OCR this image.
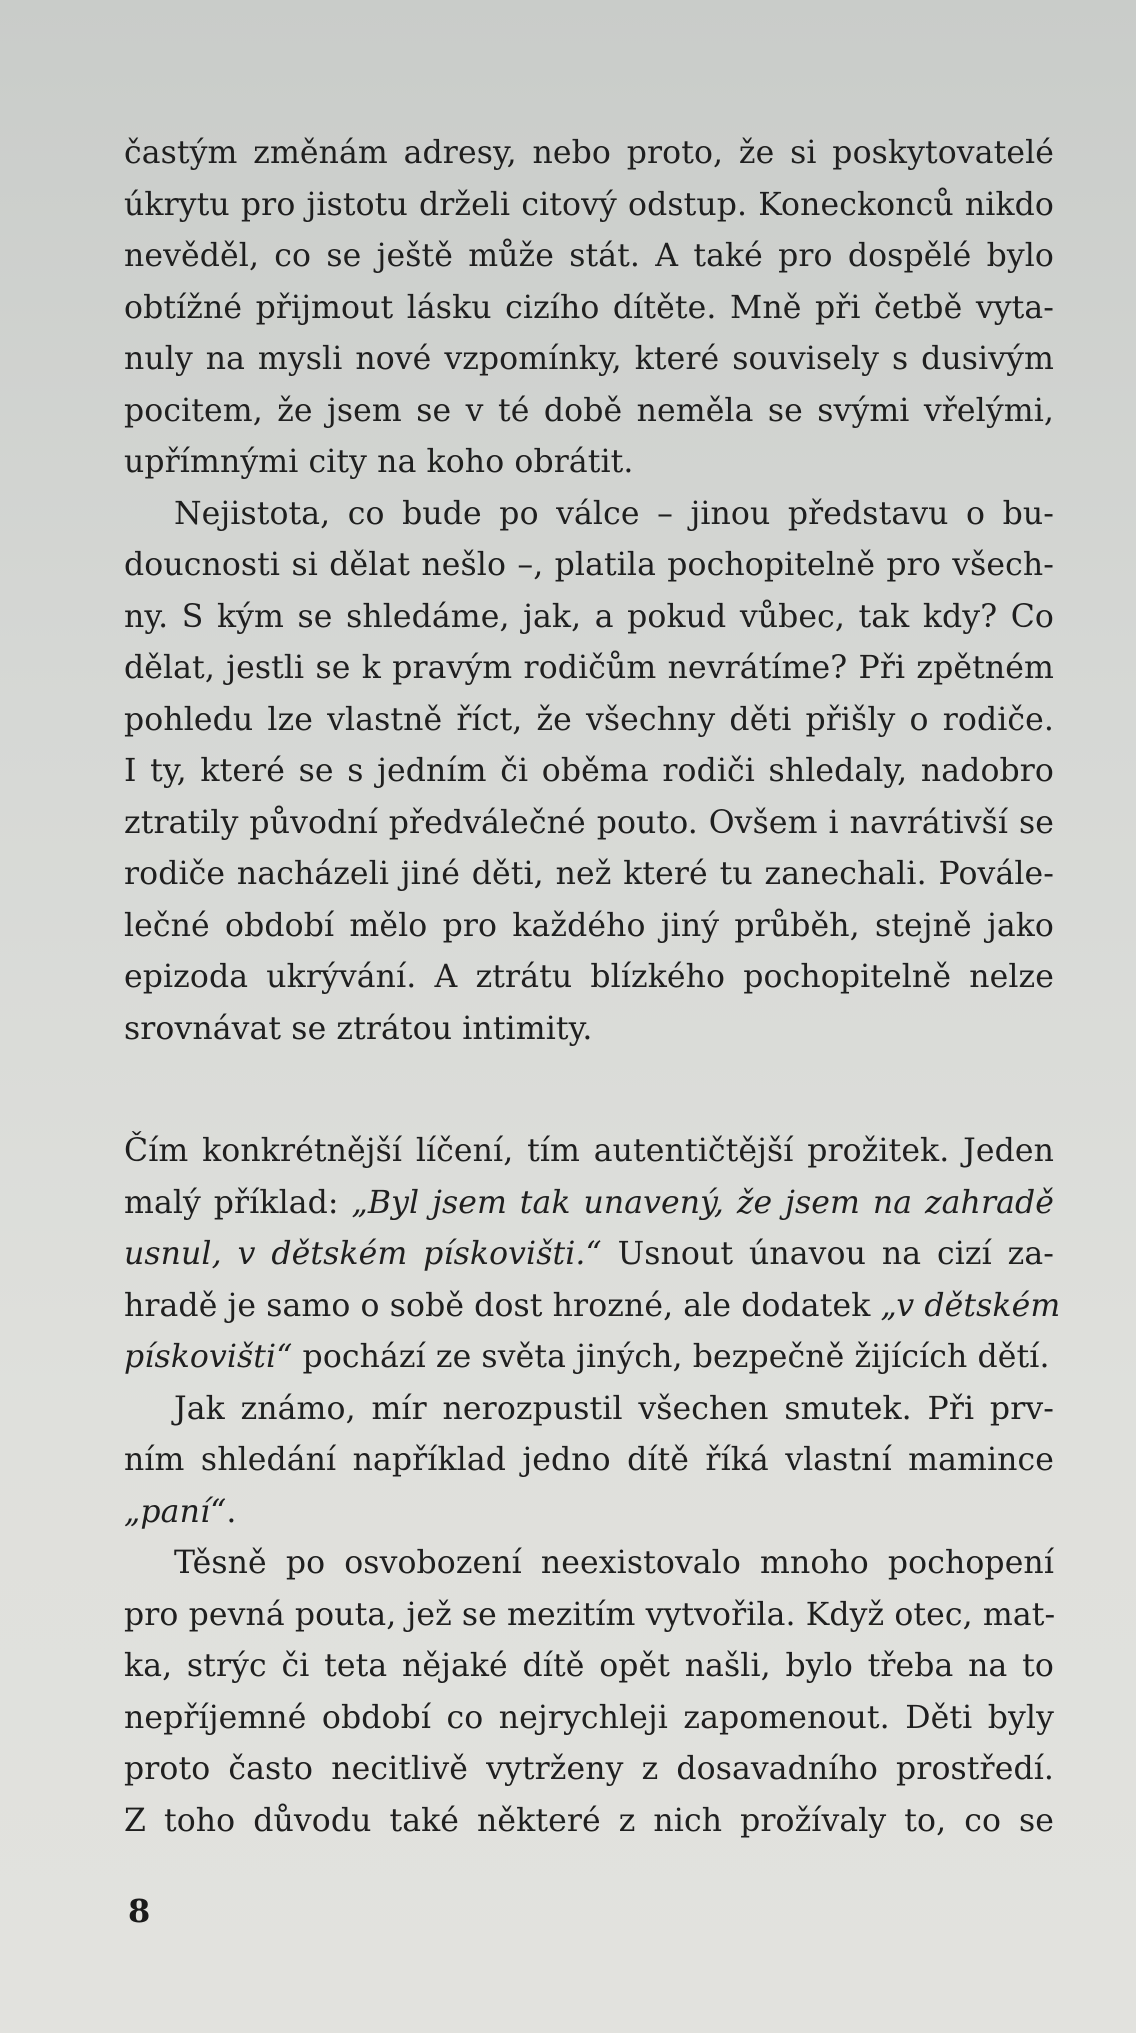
častým změnám adresy, nebo proto, že si poskytovatelé
úkrytu pro jistotu drželi citový odstup. Koneckonců nikdo
nevěděl, co se ještě může stát. A také pro dospělé bylo
obtížné přijmout lásku cizího dítěte. Mně při četbě vyta-
nuly na mysli nové vzpomínky, které souvisely s dusivým
pocitem, že jsem se v té době neměla se svými vřelými,
upřímnými city na koho obrátit.
Nejistota, co bude po válce – jinou představu o bu-
doucnosti si dělat nešlo –, platila pochopitelně pro všech-
ny. S kým se shledáme, jak, a pokud vůbec, tak kdy? Co
dělat, jestli se k pravým rodičům nevrátíme? Při zpětném
pohledu lze vlastně říct, že všechny děti přišly o rodiče.
I ty, které se s jedním či oběma rodiči shledaly, nadobro
ztratily původní předválečné pouto. Ovšem i navrátivší se
rodiče nacházeli jiné děti, než které tu zanechali. Povále-
lečné období mělo pro každého jiný průběh, stejně jako
epizoda ukrývání. A ztrátu blízkého pochopitelně nelze
srovnávat se ztrátou intimity.
Čím konkrétnější líčení, tím autentičtější prožitek. Jeden
malý příklad: „Byl jsem tak unavený, že jsem na zahradě
usnul, v dětském pískovišti.“ Usnout únavou na cizí za-
hradě je samo o sobě dost hrozné, ale dodatek „v dětském
pískovišti“ pochází ze světa jiných, bezpečně žijících dětí.
Jak známo, mír nerozpustil všechen smutek. Při prv-
ním shledání například jedno dítě říká vlastní mamince
„paní“.
Těsně po osvobození neexistovalo mnoho pochopení
pro pevná pouta, jež se mezitím vytvořila. Když otec, mat-
ka, strýc či teta nějaké dítě opět našli, bylo třeba na to
nepříjemné období co nejrychleji zapomenout. Děti byly
proto často necitlivě vytrženy z dosavadního prostředí.
Z toho důvodu také některé z nich prožívaly to, co se
8
